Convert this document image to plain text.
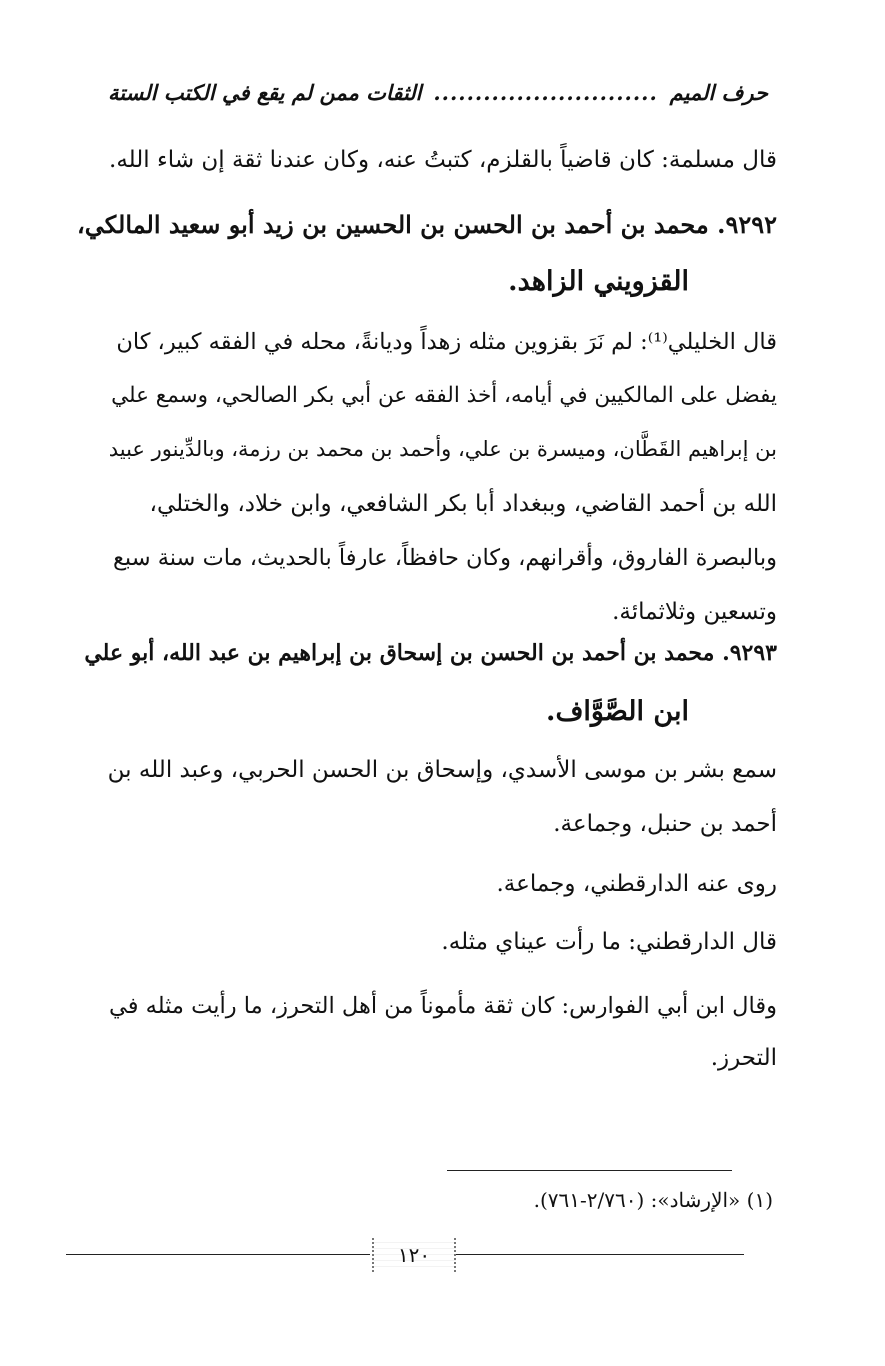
حرف الميم
...........................
الثقات ممن لم يقع في الكتب الستة
قال مسلمة: كان قاضياً بالقلزم، كتبتُ عنه، وكان عندنا ثقة إن شاء الله.
٩٢٩٢. محمد بن أحمد بن الحسن بن الحسين بن زيد أبو سعيد المالكي،
القزويني الزاهد.
قال الخليلي⁽¹⁾: لم نَرَ بقزوين مثله زهداً وديانةً، محله في الفقه كبير، كان
يفضل على المالكيين في أيامه، أخذ الفقه عن أبي بكر الصالحي، وسمع علي
بن إبراهيم القَطَّان، وميسرة بن علي، وأحمد بن محمد بن رزمة، وبالدِّينور عبيد
الله بن أحمد القاضي، وببغداد أبا بكر الشافعي، وابن خلاد، والختلي،
وبالبصرة الفاروق، وأقرانهم، وكان حافظاً، عارفاً بالحديث، مات سنة سبع
وتسعين وثلاثمائة.
٩٢٩٣. محمد بن أحمد بن الحسن بن إسحاق بن إبراهيم بن عبد الله، أبو علي
ابن الصَّوَّاف.
سمع بشر بن موسى الأسدي، وإسحاق بن الحسن الحربي، وعبد الله بن
أحمد بن حنبل، وجماعة.
روى عنه الدارقطني، وجماعة.
قال الدارقطني: ما رأت عيناي مثله.
وقال ابن أبي الفوارس: كان ثقة مأموناً من أهل التحرز، ما رأيت مثله في
التحرز.
(١) «الإرشاد»: (٢/٧٦٠-٧٦١).
١٢٠
